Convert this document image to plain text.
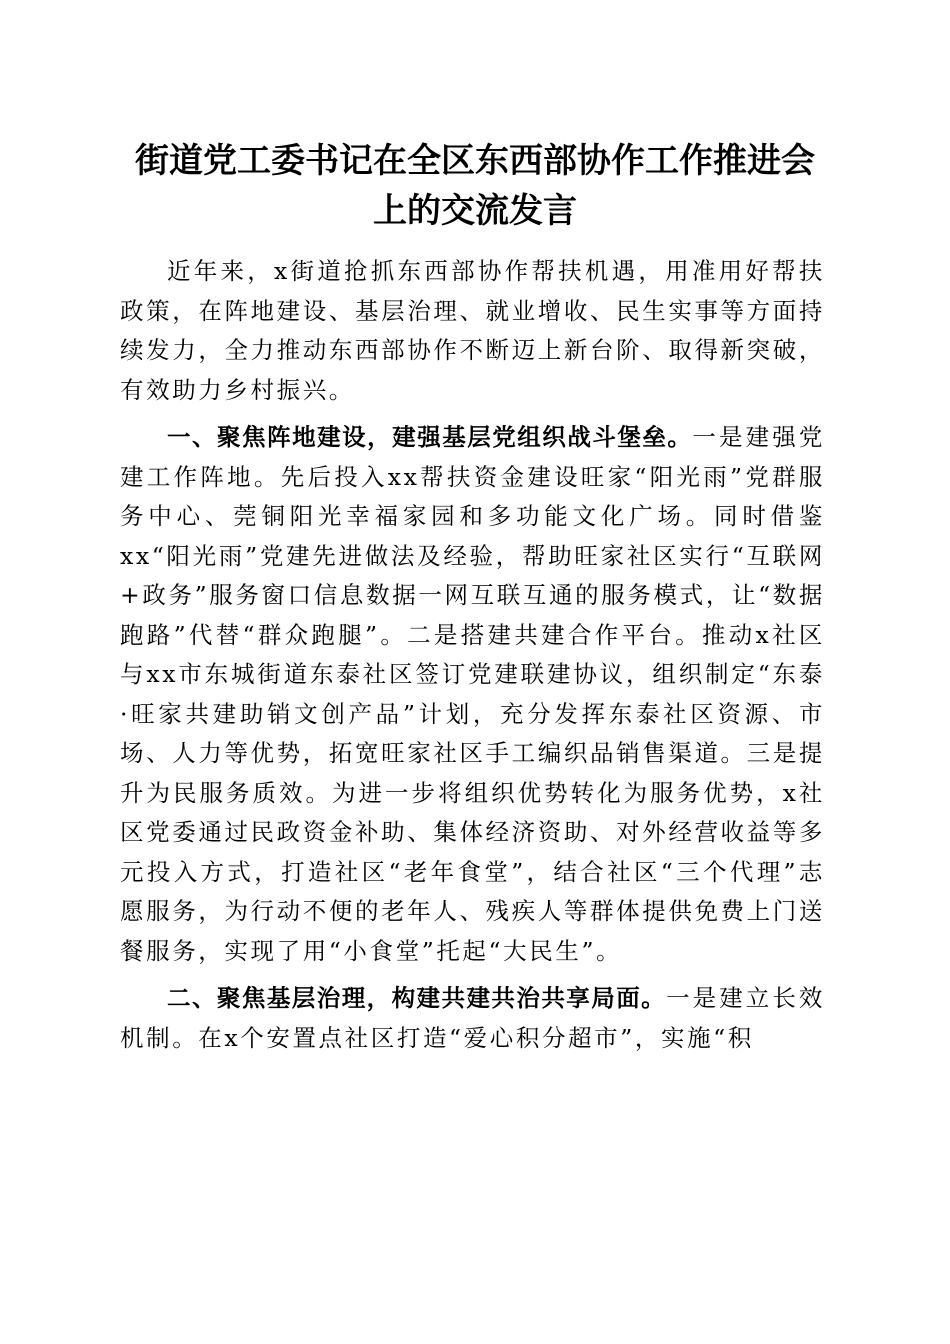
街道党工委书记在全区东西部协作工作推进会
上的交流发言

近年来，x街道抢抓东西部协作帮扶机遇，用准用好帮扶政策，在阵地建设、基层治理、就业增收、民生实事等方面持续发力，全力推动东西部协作不断迈上新台阶、取得新突破，有效助力乡村振兴。

一、聚焦阵地建设，建强基层党组织战斗堡垒。一是建强党建工作阵地。先后投入xx帮扶资金建设旺家“阳光雨”党群服务中心、莞铜阳光幸福家园和多功能文化广场。同时借鉴xx“阳光雨”党建先进做法及经验，帮助旺家社区实行“互联网+政务”服务窗口信息数据一网互联互通的服务模式，让“数据跑路”代替“群众跑腿”。二是搭建共建合作平台。推动x社区与xx市东城街道东泰社区签订党建联建协议，组织制定“东泰·旺家共建助销文创产品”计划，充分发挥东泰社区资源、市场、人力等优势，拓宽旺家社区手工编织品销售渠道。三是提升为民服务质效。为进一步将组织优势转化为服务优势，x社区党委通过民政资金补助、集体经济资助、对外经营收益等多元投入方式，打造社区“老年食堂”，结合社区“三个代理”志愿服务，为行动不便的老年人、残疾人等群体提供免费上门送餐服务，实现了用“小食堂”托起“大民生”。

二、聚焦基层治理，构建共建共治共享局面。一是建立长效机制。在x个安置点社区打造“爱心积分超市”，实施“积
